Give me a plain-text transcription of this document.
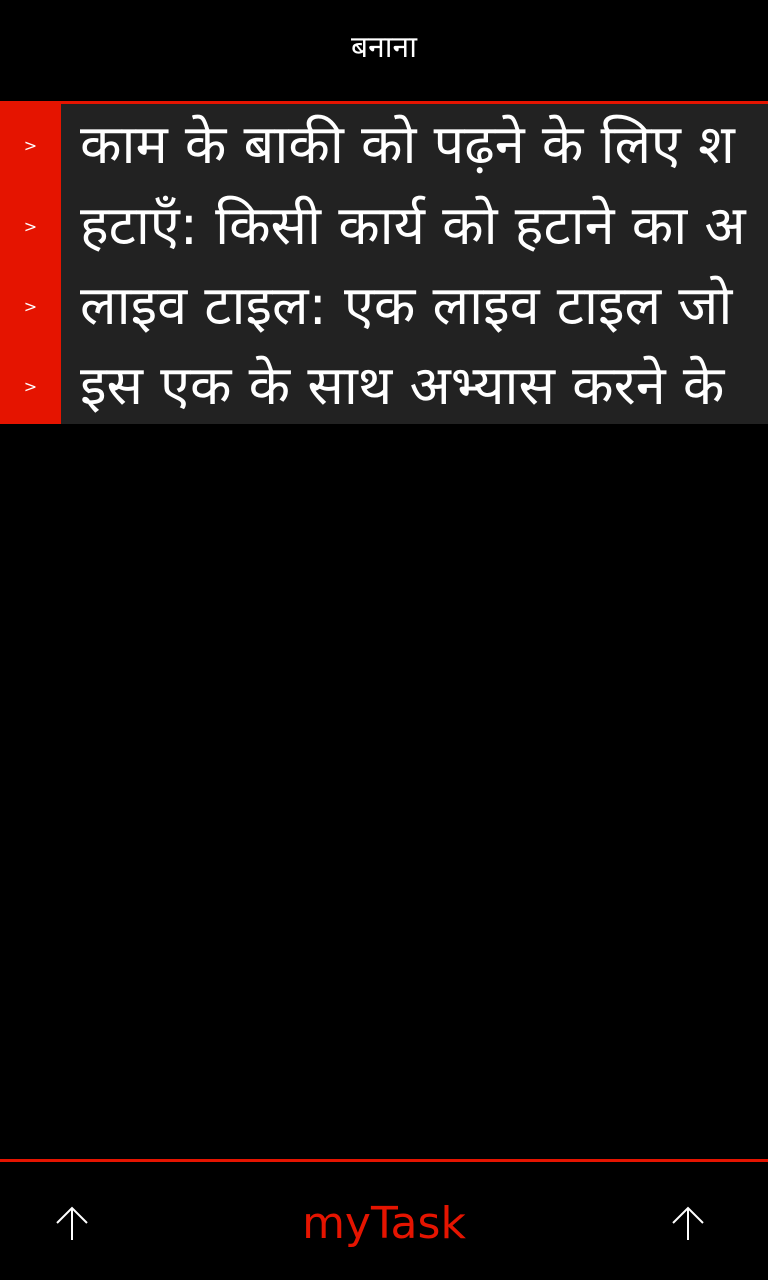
बनाना
> काम के बाकी को पढ़ने के लिए श
> हटाएँ: किसी कार्य को हटाने का अ
> लाइव टाइल: एक लाइव टाइल जो
> इस एक के साथ अभ्यास करने के
myTask
